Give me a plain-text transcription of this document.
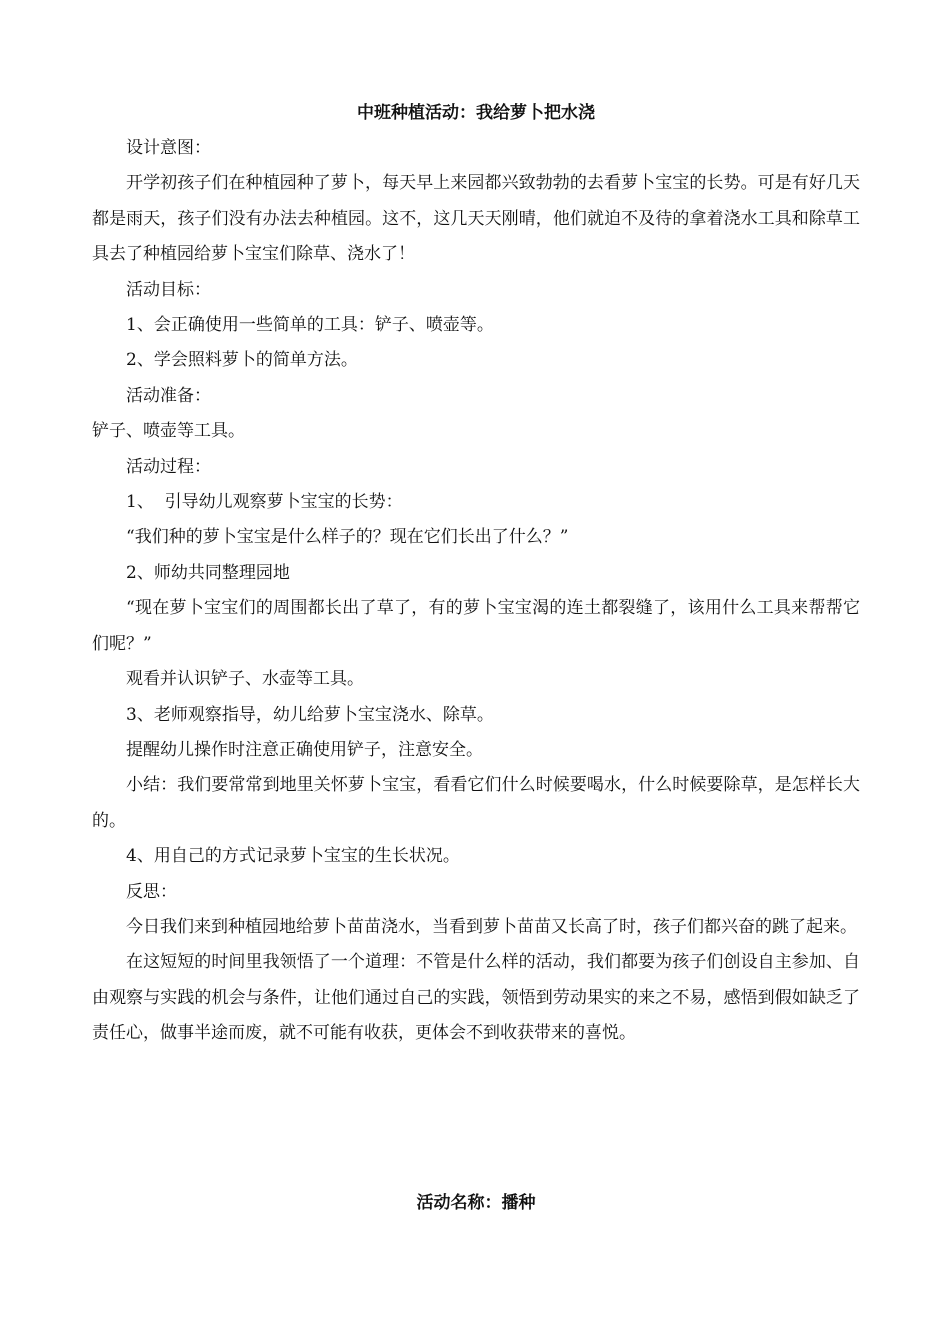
中班种植活动：我给萝卜把水浇

设计意图：

开学初孩子们在种植园种了萝卜，每天早上来园都兴致勃勃的去看萝卜宝宝的长势。可是有好几天都是雨天，孩子们没有办法去种植园。这不，这几天天刚晴，他们就迫不及待的拿着浇水工具和除草工具去了种植园给萝卜宝宝们除草、浇水了！

活动目标：

1、会正确使用一些简单的工具：铲子、喷壶等。

2、学会照料萝卜的简单方法。

活动准备：

铲子、喷壶等工具。

活动过程：

1、  引导幼儿观察萝卜宝宝的长势：

“我们种的萝卜宝宝是什么样子的？现在它们长出了什么？”

2、师幼共同整理园地

“现在萝卜宝宝们的周围都长出了草了，有的萝卜宝宝渴的连土都裂缝了，该用什么工具来帮帮它们呢？”

观看并认识铲子、水壶等工具。

3、老师观察指导，幼儿给萝卜宝宝浇水、除草。

提醒幼儿操作时注意正确使用铲子，注意安全。

小结：我们要常常到地里关怀萝卜宝宝，看看它们什么时候要喝水，什么时候要除草，是怎样长大的。

4、用自己的方式记录萝卜宝宝的生长状况。

反思：

今日我们来到种植园地给萝卜苗苗浇水，当看到萝卜苗苗又长高了时，孩子们都兴奋的跳了起来。

在这短短的时间里我领悟了一个道理：不管是什么样的活动，我们都要为孩子们创设自主参加、自由观察与实践的机会与条件，让他们通过自己的实践，领悟到劳动果实的来之不易，感悟到假如缺乏了责任心，做事半途而废，就不可能有收获，更体会不到收获带来的喜悦。

活动名称：播种
